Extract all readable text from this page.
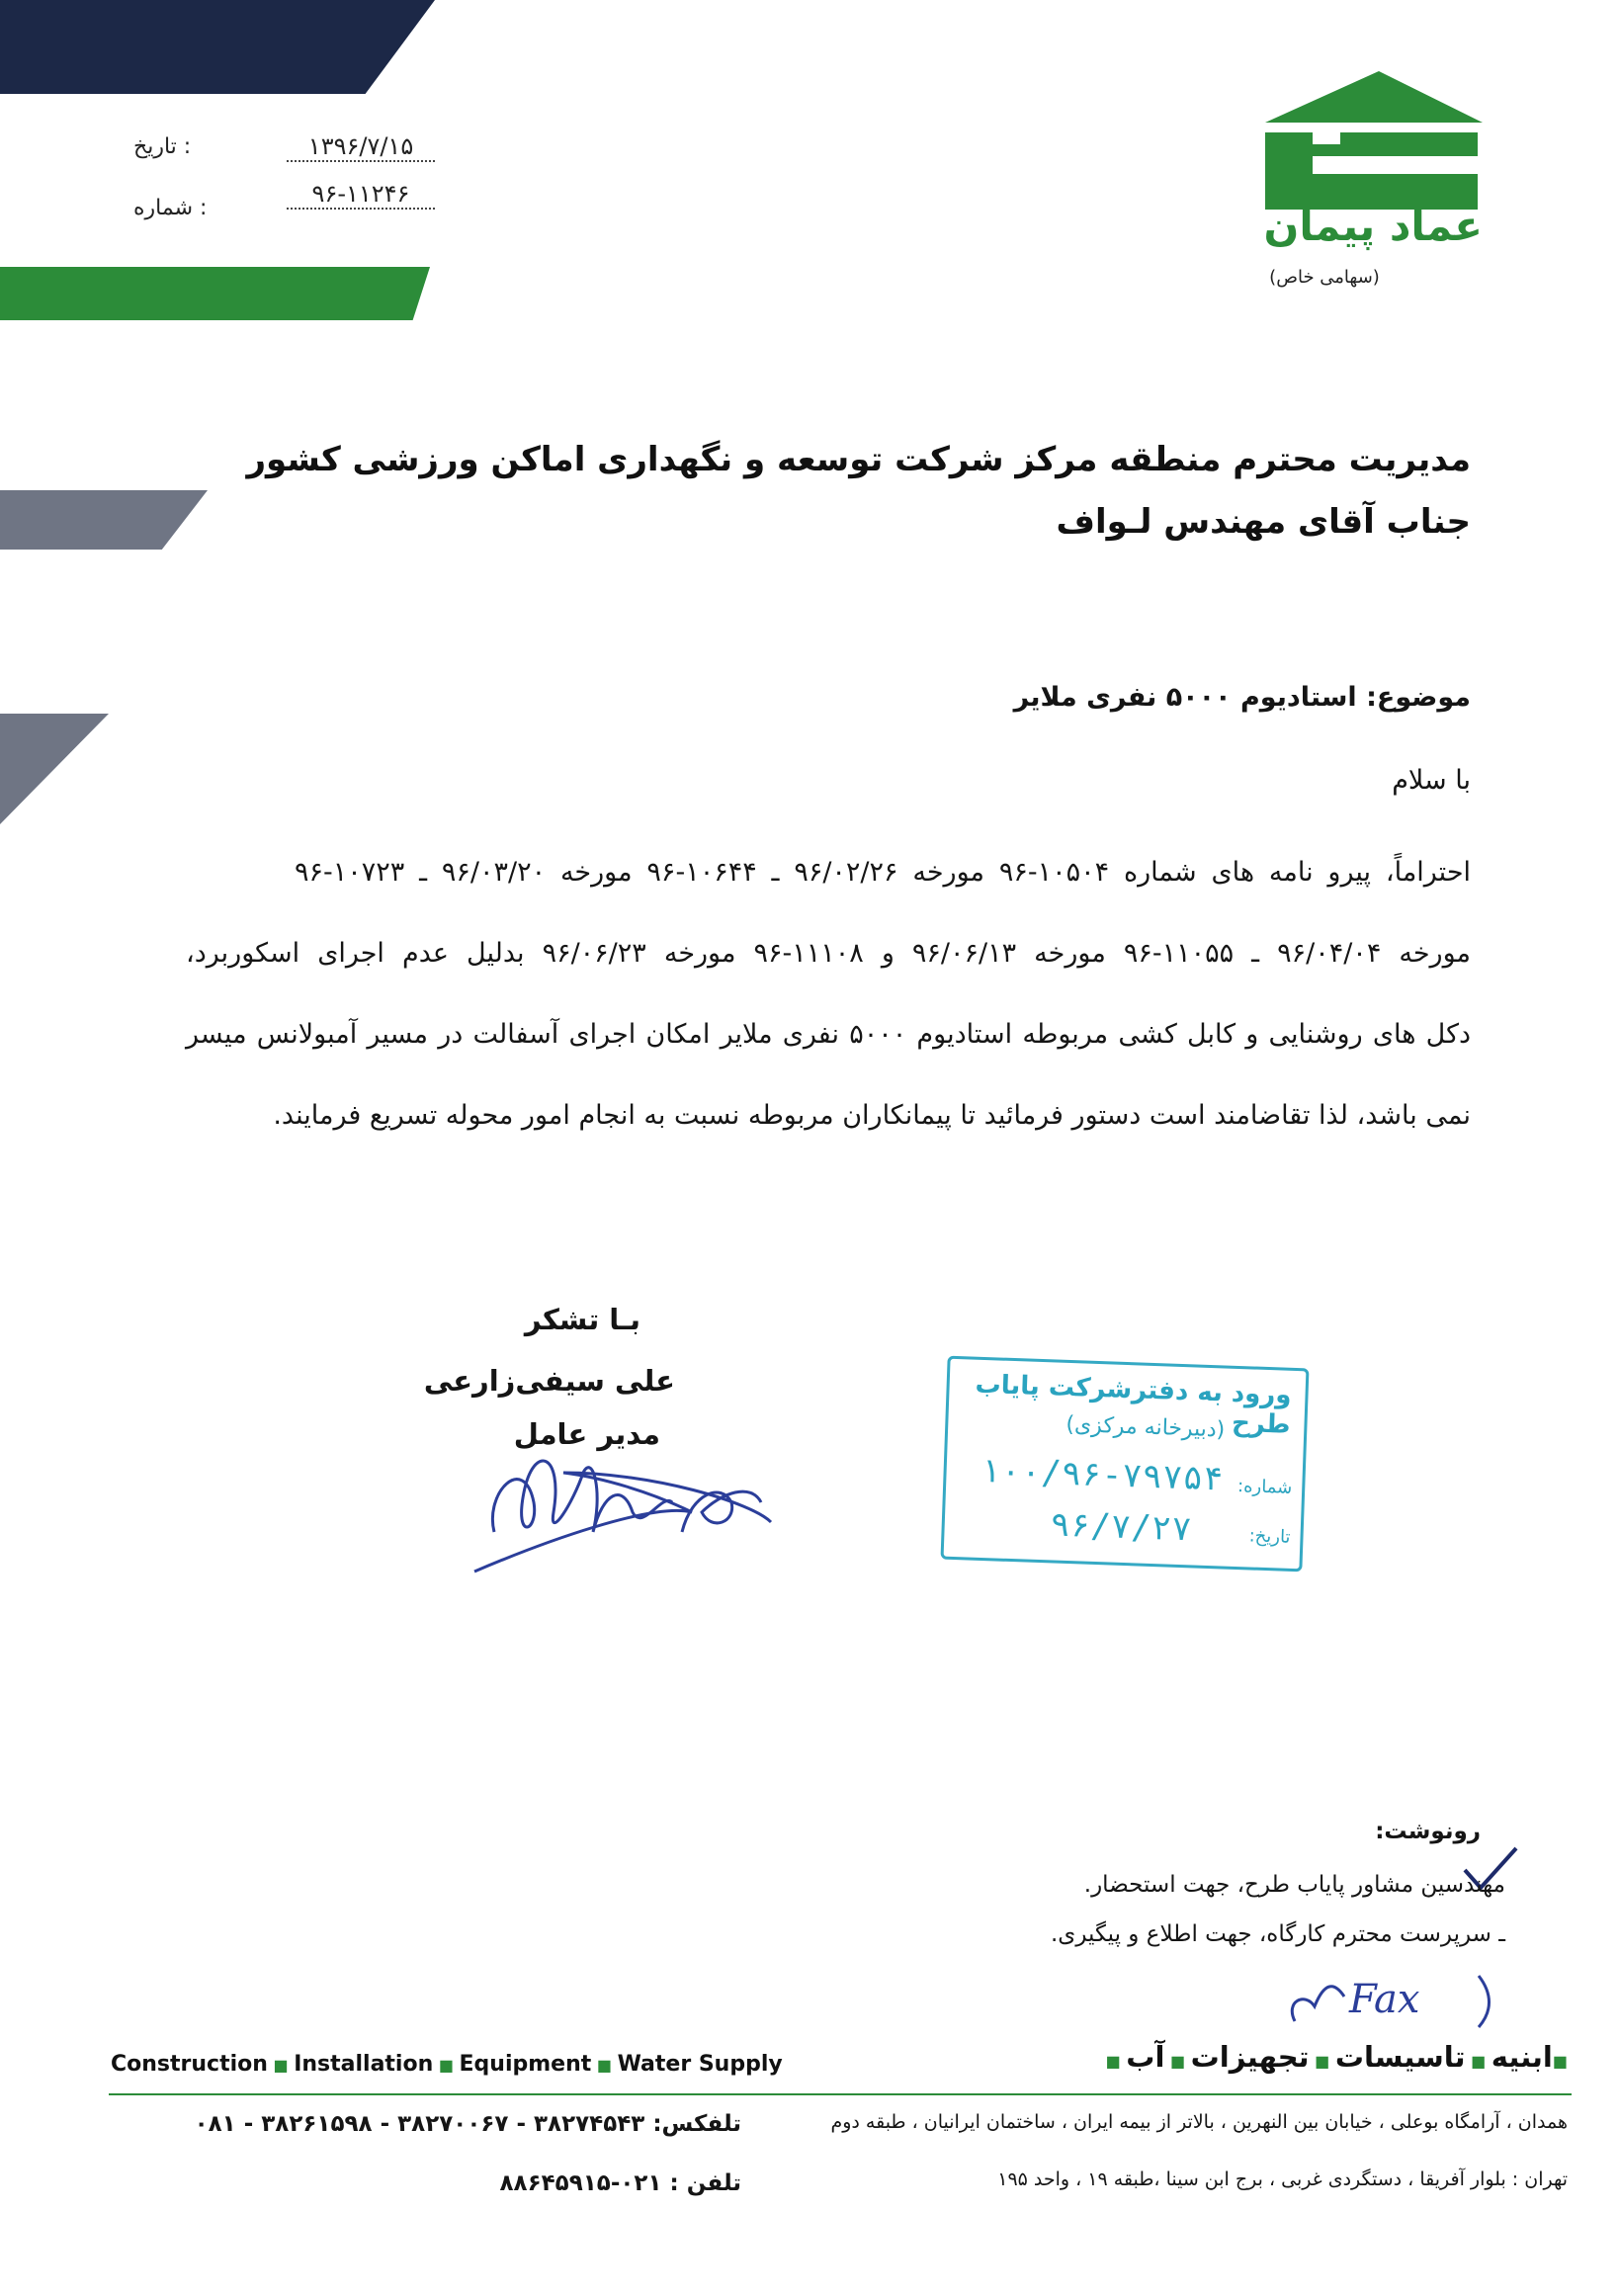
عماد پیمان
(سهامی خاص)
: تاریخ	۱۳۹۶/۷/۱۵
: شماره
۹۶-۱۱۲۴۶
مدیریت محترم منطقه مرکز شرکت توسعه و نگهداری اماکن ورزشی کشور
جناب آقای مهندس لـواف
موضوع: استادیوم ۵۰۰۰ نفری ملایر
با سلام
احتراماً، پیرو نامه های شماره ۱۰۵۰۴-۹۶ مورخه ۹۶/۰۲/۲۶ ـ ۱۰۶۴۴-۹۶ مورخه ۹۶/۰۳/۲۰ ـ ۱۰۷۲۳-۹۶
مورخه ۹۶/۰۴/۰۴ ـ ۱۱۰۵۵-۹۶ مورخه ۹۶/۰۶/۱۳ و ۱۱۱۰۸-۹۶ مورخه ۹۶/۰۶/۲۳ بدلیل عدم اجرای اسکوربرد،
دکل های روشنایی و کابل کشی مربوطه استادیوم ۵۰۰۰ نفری ملایر امکان اجرای آسفالت در مسیر آمبولانس میسر
نمی باشد، لذا تقاضامند است دستور فرمائید تا پیمانکاران مربوطه نسبت به انجام امور محوله تسریع فرمایند.
بـا تشکر
علی سیفی‌زارعی
مدیر عامل
ورود به دفترشرکت پایاب طرح
(دبیرخانه مرکزی)
شماره:
۱۰۰/۹۶-۷۹۷۵۴
تاریخ:
۹۶/۷/۲۷
رونوشت:
مهندسین مشاور پایاب طرح، جهت استحضار.
ـ سرپرست محترم کارگاه، جهت اطلاع و پیگیری.
Fax
Construction ■ Installation ■ Equipment ■ Water Supply	■ابنیه ■ تاسیسات ■ تجهیزات ■ آب ■
همدان ، آرامگاه بوعلی ، خیابان بین النهرین ، بالاتر از بیمه ایران ، ساختمان ایرانیان ، طبقه دوم
تلفکس: ۳۸۲۷۴۵۴۳ - ۳۸۲۷۰۰۶۷ - ۳۸۲۶۱۵۹۸ - ۰۸۱
تهران : بلوار آفریقا ، دستگردی غربی ، برج ابن سینا ،طبقه ۱۹ ، واحد ۱۹۵
تلفن : ۰۲۱-۸۸۶۴۵۹۱۵
